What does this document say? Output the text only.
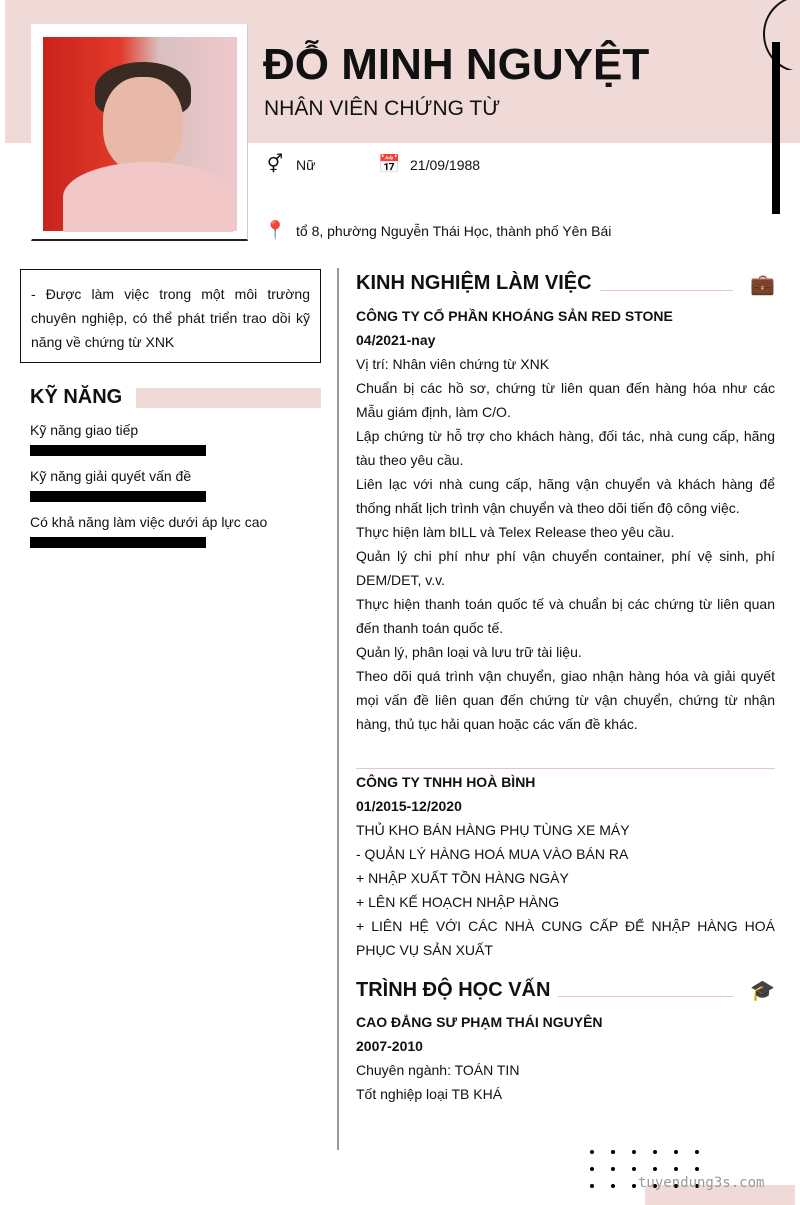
ĐỖ MINH NGUYỆT
NHÂN VIÊN CHỨNG TỪ
⚥ Nữ	📅 21/09/1988
📍 tổ 8, phường Nguyễn Thái Học, thành phố Yên Bái
- Được làm việc trong một môi trường chuyên nghiệp, có thể phát triển trao dồi kỹ năng về chứng từ XNK
KỸ NĂNG
Kỹ năng giao tiếp
Kỹ năng giải quyết vấn đề
Có khả năng làm việc dưới áp lực cao
KINH NGHIỆM LÀM VIỆC	💼
CÔNG TY CỔ PHẦN KHOÁNG SẢN RED STONE
04/2021-nay
Vị trí: Nhân viên chứng từ XNK
Chuẩn bị các hồ sơ, chứng từ liên quan đến hàng hóa như các Mẫu giám định, làm C/O.
Lập chứng từ hỗ trợ cho khách hàng, đối tác, nhà cung cấp, hãng tàu theo yêu cầu.
Liên lạc với nhà cung cấp, hãng vận chuyển và khách hàng để thống nhất lịch trình vận chuyển và theo dõi tiến độ công việc.
Thực hiện làm bILL và Telex Release theo yêu cầu.
Quản lý chi phí như phí vận chuyển container, phí vệ sinh, phí DEM/DET, v.v.
Thực hiện thanh toán quốc tế và chuẩn bị các chứng từ liên quan đến thanh toán quốc tế.
Quản lý, phân loại và lưu trữ tài liệu.
Theo dõi quá trình vận chuyển, giao nhận hàng hóa và giải quyết mọi vấn đề liên quan đến chứng từ vận chuyển, chứng từ nhận hàng, thủ tục hải quan hoặc các vấn đề khác.
CÔNG TY TNHH HOÀ BÌNH
01/2015-12/2020
THỦ KHO BÁN HÀNG PHỤ TÙNG XE MÁY
- QUẢN LÝ HÀNG HOÁ MUA VÀO BÁN RA
+ NHẬP XUẤT TỒN HÀNG NGÀY
+ LÊN KẾ HOẠCH NHẬP HÀNG
+ LIÊN HỆ VỚI CÁC NHÀ CUNG CẤP ĐỂ NHẬP HÀNG HOÁ PHỤC VỤ SẢN XUẤT
TRÌNH ĐỘ HỌC VẤN	🎓
CAO ĐẲNG SƯ PHẠM THÁI NGUYÊN
2007-2010
Chuyên ngành: TOÁN TIN
Tốt nghiệp loại TB KHÁ
tuyendung3s.com
